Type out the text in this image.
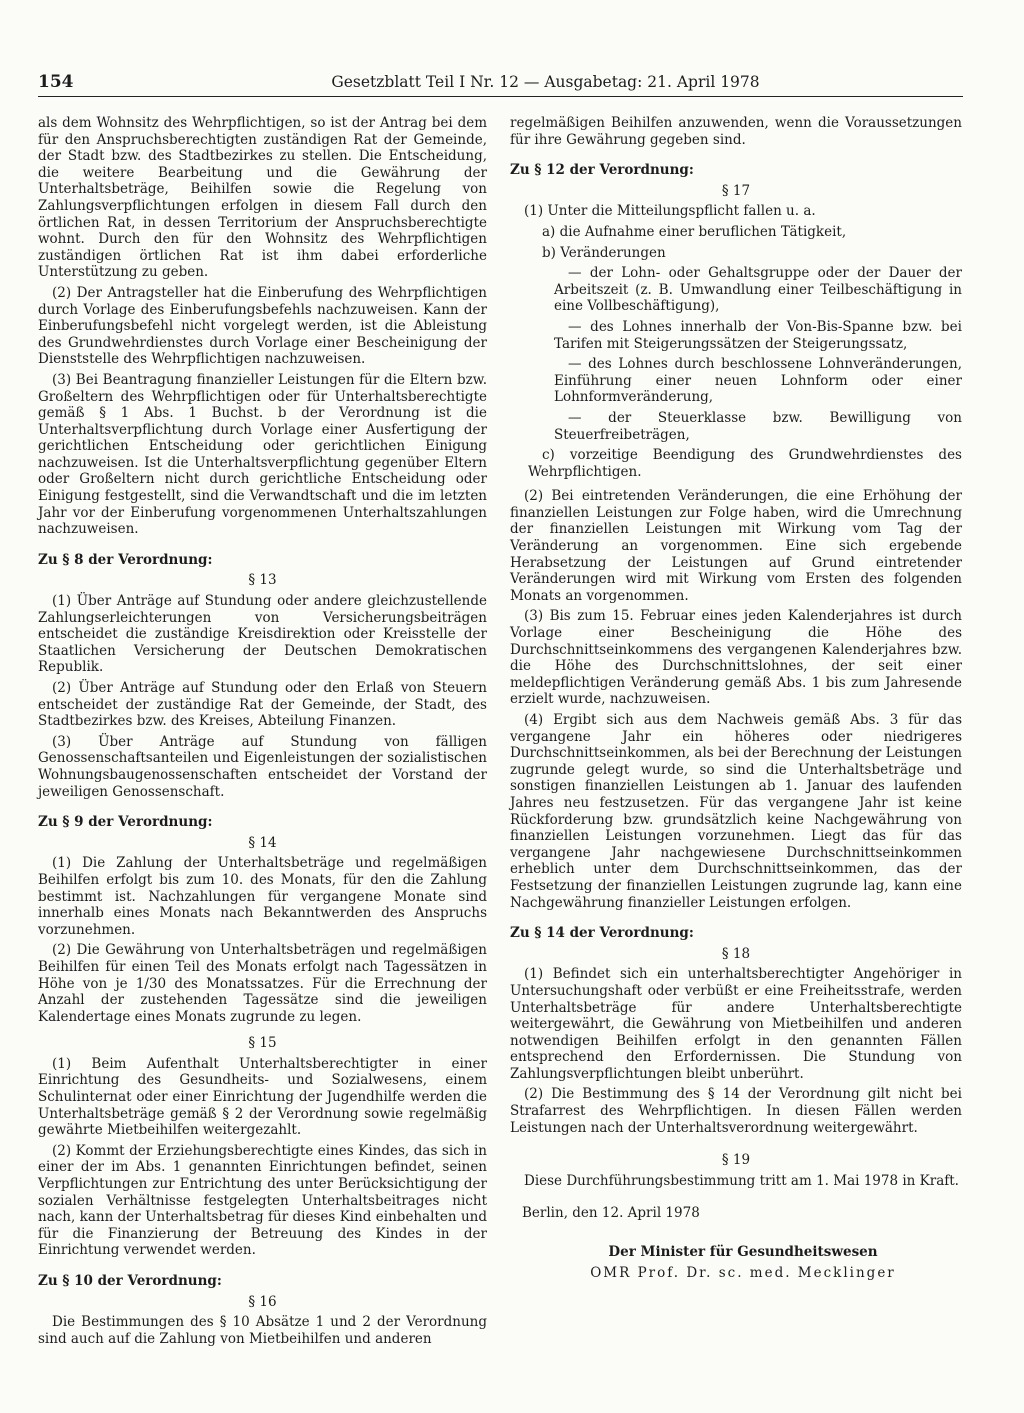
154	Gesetzblatt Teil I Nr. 12 — Ausgabetag: 21. April 1978

als dem Wohnsitz des Wehrpflichtigen, so ist der Antrag bei dem für den Anspruchsberechtigten zuständigen Rat der Gemeinde, der Stadt bzw. des Stadtbezirkes zu stellen. Die Entscheidung, die weitere Bearbeitung und die Gewährung der Unterhaltsbeträge, Beihilfen sowie die Regelung von Zahlungsverpflichtungen erfolgen in diesem Fall durch den örtlichen Rat, in dessen Territorium der Anspruchsberechtigte wohnt. Durch den für den Wohnsitz des Wehrpflichtigen zuständigen örtlichen Rat ist ihm dabei erforderliche Unterstützung zu geben.

(2) Der Antragsteller hat die Einberufung des Wehrpflichtigen durch Vorlage des Einberufungsbefehls nachzuweisen. Kann der Einberufungsbefehl nicht vorgelegt werden, ist die Ableistung des Grundwehrdienstes durch Vorlage einer Bescheinigung der Dienststelle des Wehrpflichtigen nachzuweisen.

(3) Bei Beantragung finanzieller Leistungen für die Eltern bzw. Großeltern des Wehrpflichtigen oder für Unterhaltsberechtigte gemäß § 1 Abs. 1 Buchst. b der Verordnung ist die Unterhaltsverpflichtung durch Vorlage einer Ausfertigung der gerichtlichen Entscheidung oder gerichtlichen Einigung nachzuweisen. Ist die Unterhaltsverpflichtung gegenüber Eltern oder Großeltern nicht durch gerichtliche Entscheidung oder Einigung festgestellt, sind die Verwandtschaft und die im letzten Jahr vor der Einberufung vorgenommenen Unterhaltszahlungen nachzuweisen.

Zu § 8 der Verordnung:
§ 13

(1) Über Anträge auf Stundung oder andere gleichzustellende Zahlungserleichterungen von Versicherungsbeiträgen entscheidet die zuständige Kreisdirektion oder Kreisstelle der Staatlichen Versicherung der Deutschen Demokratischen Republik.

(2) Über Anträge auf Stundung oder den Erlaß von Steuern entscheidet der zuständige Rat der Gemeinde, der Stadt, des Stadtbezirkes bzw. des Kreises, Abteilung Finanzen.

(3) Über Anträge auf Stundung von fälligen Genossenschaftsanteilen und Eigenleistungen der sozialistischen Wohnungsbaugenossenschaften entscheidet der Vorstand der jeweiligen Genossenschaft.

Zu § 9 der Verordnung:
§ 14

(1) Die Zahlung der Unterhaltsbeträge und regelmäßigen Beihilfen erfolgt bis zum 10. des Monats, für den die Zahlung bestimmt ist. Nachzahlungen für vergangene Monate sind innerhalb eines Monats nach Bekanntwerden des Anspruchs vorzunehmen.

(2) Die Gewährung von Unterhaltsbeträgen und regelmäßigen Beihilfen für einen Teil des Monats erfolgt nach Tagessätzen in Höhe von je 1/30 des Monatssatzes. Für die Errechnung der Anzahl der zustehenden Tagessätze sind die jeweiligen Kalendertage eines Monats zugrunde zu legen.

§ 15

(1) Beim Aufenthalt Unterhaltsberechtigter in einer Einrichtung des Gesundheits- und Sozialwesens, einem Schulinternat oder einer Einrichtung der Jugendhilfe werden die Unterhaltsbeträge gemäß § 2 der Verordnung sowie regelmäßig gewährte Mietbeihilfen weitergezahlt.

(2) Kommt der Erziehungsberechtigte eines Kindes, das sich in einer der im Abs. 1 genannten Einrichtungen befindet, seinen Verpflichtungen zur Entrichtung des unter Berücksichtigung der sozialen Verhältnisse festgelegten Unterhaltsbeitrages nicht nach, kann der Unterhaltsbetrag für dieses Kind einbehalten und für die Finanzierung der Betreuung des Kindes in der Einrichtung verwendet werden.

Zu § 10 der Verordnung:
§ 16

Die Bestimmungen des § 10 Absätze 1 und 2 der Verordnung sind auch auf die Zahlung von Mietbeihilfen und anderen

regelmäßigen Beihilfen anzuwenden, wenn die Voraussetzungen für ihre Gewährung gegeben sind.

Zu § 12 der Verordnung:
§ 17

(1) Unter die Mitteilungspflicht fallen u. a.

a) die Aufnahme einer beruflichen Tätigkeit,

b) Veränderungen

— der Lohn- oder Gehaltsgruppe oder der Dauer der Arbeitszeit (z. B. Umwandlung einer Teilbeschäftigung in eine Vollbeschäftigung),

— des Lohnes innerhalb der Von-Bis-Spanne bzw. bei Tarifen mit Steigerungssätzen der Steigerungssatz,

— des Lohnes durch beschlossene Lohnveränderungen, Einführung einer neuen Lohnform oder einer Lohnformveränderung,

— der Steuerklasse bzw. Bewilligung von Steuerfreibeträgen,

c) vorzeitige Beendigung des Grundwehrdienstes des Wehrpflichtigen.

(2) Bei eintretenden Veränderungen, die eine Erhöhung der finanziellen Leistungen zur Folge haben, wird die Umrechnung der finanziellen Leistungen mit Wirkung vom Tag der Veränderung an vorgenommen. Eine sich ergebende Herabsetzung der Leistungen auf Grund eintretender Veränderungen wird mit Wirkung vom Ersten des folgenden Monats an vorgenommen.

(3) Bis zum 15. Februar eines jeden Kalenderjahres ist durch Vorlage einer Bescheinigung die Höhe des Durchschnittseinkommens des vergangenen Kalenderjahres bzw. die Höhe des Durchschnittslohnes, der seit einer meldepflichtigen Veränderung gemäß Abs. 1 bis zum Jahresende erzielt wurde, nachzuweisen.

(4) Ergibt sich aus dem Nachweis gemäß Abs. 3 für das vergangene Jahr ein höheres oder niedrigeres Durchschnittseinkommen, als bei der Berechnung der Leistungen zugrunde gelegt wurde, so sind die Unterhaltsbeträge und sonstigen finanziellen Leistungen ab 1. Januar des laufenden Jahres neu festzusetzen. Für das vergangene Jahr ist keine Rückforderung bzw. grundsätzlich keine Nachgewährung von finanziellen Leistungen vorzunehmen. Liegt das für das vergangene Jahr nachgewiesene Durchschnittseinkommen erheblich unter dem Durchschnittseinkommen, das der Festsetzung der finanziellen Leistungen zugrunde lag, kann eine Nachgewährung finanzieller Leistungen erfolgen.

Zu § 14 der Verordnung:
§ 18

(1) Befindet sich ein unterhaltsberechtigter Angehöriger in Untersuchungshaft oder verbüßt er eine Freiheitsstrafe, werden Unterhaltsbeträge für andere Unterhaltsberechtigte weitergewährt, die Gewährung von Mietbeihilfen und anderen notwendigen Beihilfen erfolgt in den genannten Fällen entsprechend den Erfordernissen. Die Stundung von Zahlungsverpflichtungen bleibt unberührt.

(2) Die Bestimmung des § 14 der Verordnung gilt nicht bei Strafarrest des Wehrpflichtigen. In diesen Fällen werden Leistungen nach der Unterhaltsverordnung weitergewährt.

§ 19

Diese Durchführungsbestimmung tritt am 1. Mai 1978 in Kraft.

Berlin, den 12. April 1978

Der Minister für Gesundheitswesen

OMR Prof. Dr. sc. med. Mecklinger
